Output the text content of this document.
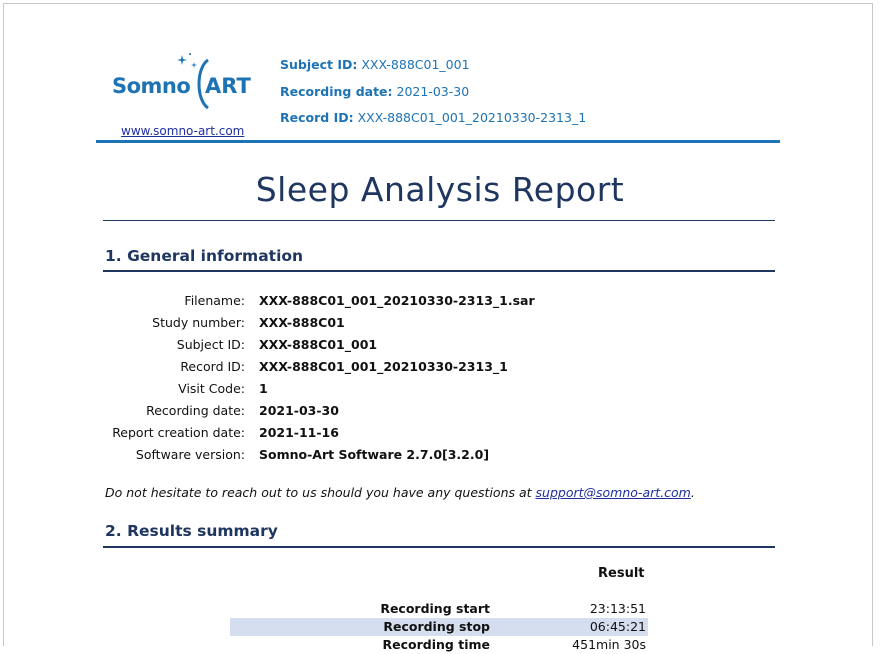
Somno ART
www.somno-art.com
Subject ID: XXX-888C01_001
Recording date: 2021-03-30
Record ID: XXX-888C01_001_20210330-2313_1
Sleep Analysis Report
1. General information
Filename: XXX-888C01_001_20210330-2313_1.sar
Study number: XXX-888C01
Subject ID: XXX-888C01_001
Record ID: XXX-888C01_001_20210330-2313_1
Visit Code: 1
Recording date: 2021-03-30
Report creation date: 2021-11-16
Software version: Somno-Art Software 2.7.0[3.2.0]
Do not hesitate to reach out to us should you have any questions at support@somno-art.com.
2. Results summary
Result
Recording start	23:13:51
Recording stop	06:45:21
Recording time	451min 30s
